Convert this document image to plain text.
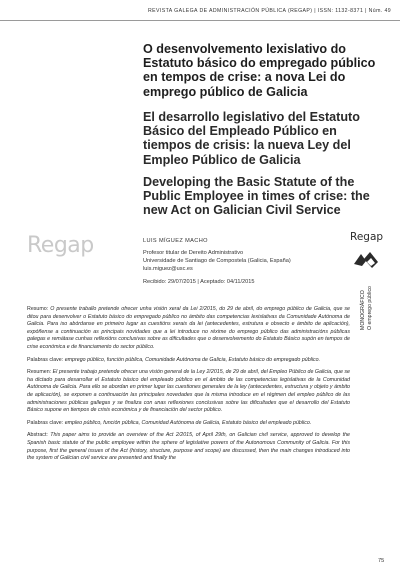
REVISTA GALEGA DE ADMINISTRACIÓN PÚBLICA (REGAP) | ISSN: 1132-8371 | Núm. 49
O desenvolvemento lexislativo do Estatuto básico do empregado público en tempos de crise: a nova Lei do emprego público de Galicia
El desarrollo legislativo del Estatuto Básico del Empleado Público en tiempos de crisis: la nueva Ley del Empleo Público de Galicia
Developing the Basic Statute of the Public Employee in times of crise: the new Act on Galician Civil Service
Regap	LUIS MÍGUEZ MACHO
Profesor titular de Dereito Administrativo
Universidade de Santiago de Compostela (Galicia, España)
luis.miguez@usc.es
Recibido: 29/07/2015 | Aceptado: 04/11/2015
Regap
MONOGRÁFICO O emprego público

Resumo: O presente traballo pretende ofrecer unha visión xeral da Lei 2/2015, do 29 de abril, do emprego público de Galicia, que se ditou para desenvolver o Estatuto básico do empregado público no ámbito das competencias lexislativas da Comunidade Autónoma de Galicia. Para iso abórdanse en primeiro lugar as cuestións xerais da lei (antecedentes, estrutura e obxecto e ámbito de aplicación), expóñense a continuación as principais novidades que a lei introduce no réxime do emprego público das administracións públicas galegas e remátase cunhas reflexións conclusivas sobre as dificultades que o desenvolvemento do Estatuto Básico supón en tempos de crise económica e de financiamento do sector público.

Palabras clave: emprego público, función pública, Comunidade Autónoma de Galicia, Estatuto básico do empregado público.

Resumen: El presente trabajo pretende ofrecer una visión general de la Ley 2/2015, de 29 de abril, del Empleo Público de Galicia, que se ha dictado para desarrollar el Estatuto básico del empleado público en el ámbito de las competencias legislativas de la Comunidad Autónoma de Galicia. Para ello se abordan en primer lugar las cuestiones generales de la ley (antecedentes, estructura y objeto y ámbito de aplicación), se exponen a continuación las principales novedades que la misma introduce en el régimen del empleo público de las administraciones públicas gallegas y se finaliza con unas reflexiones conclusivas sobre las dificultades que el desarrollo del Estatuto Básico supone en tiempos de crisis económica y de financiación del sector público.

Palabras clave: empleo público, función pública, Comunidad Autónoma de Galicia, Estatuto básico del empleado público.

Abstract: This paper aims to provide an overview of the Act 2/2015, of April 29th, on Galician civil service, approved to develop the Spanish basic statute of the public employee within the sphere of legislative powers of the Autonomous Community of Galicia. For this purpose, first the general issues of the Act (history, structure, purpose and scope) are discussed, then the main changes introduced into the system of Galician civil service are presented and finally the

75
